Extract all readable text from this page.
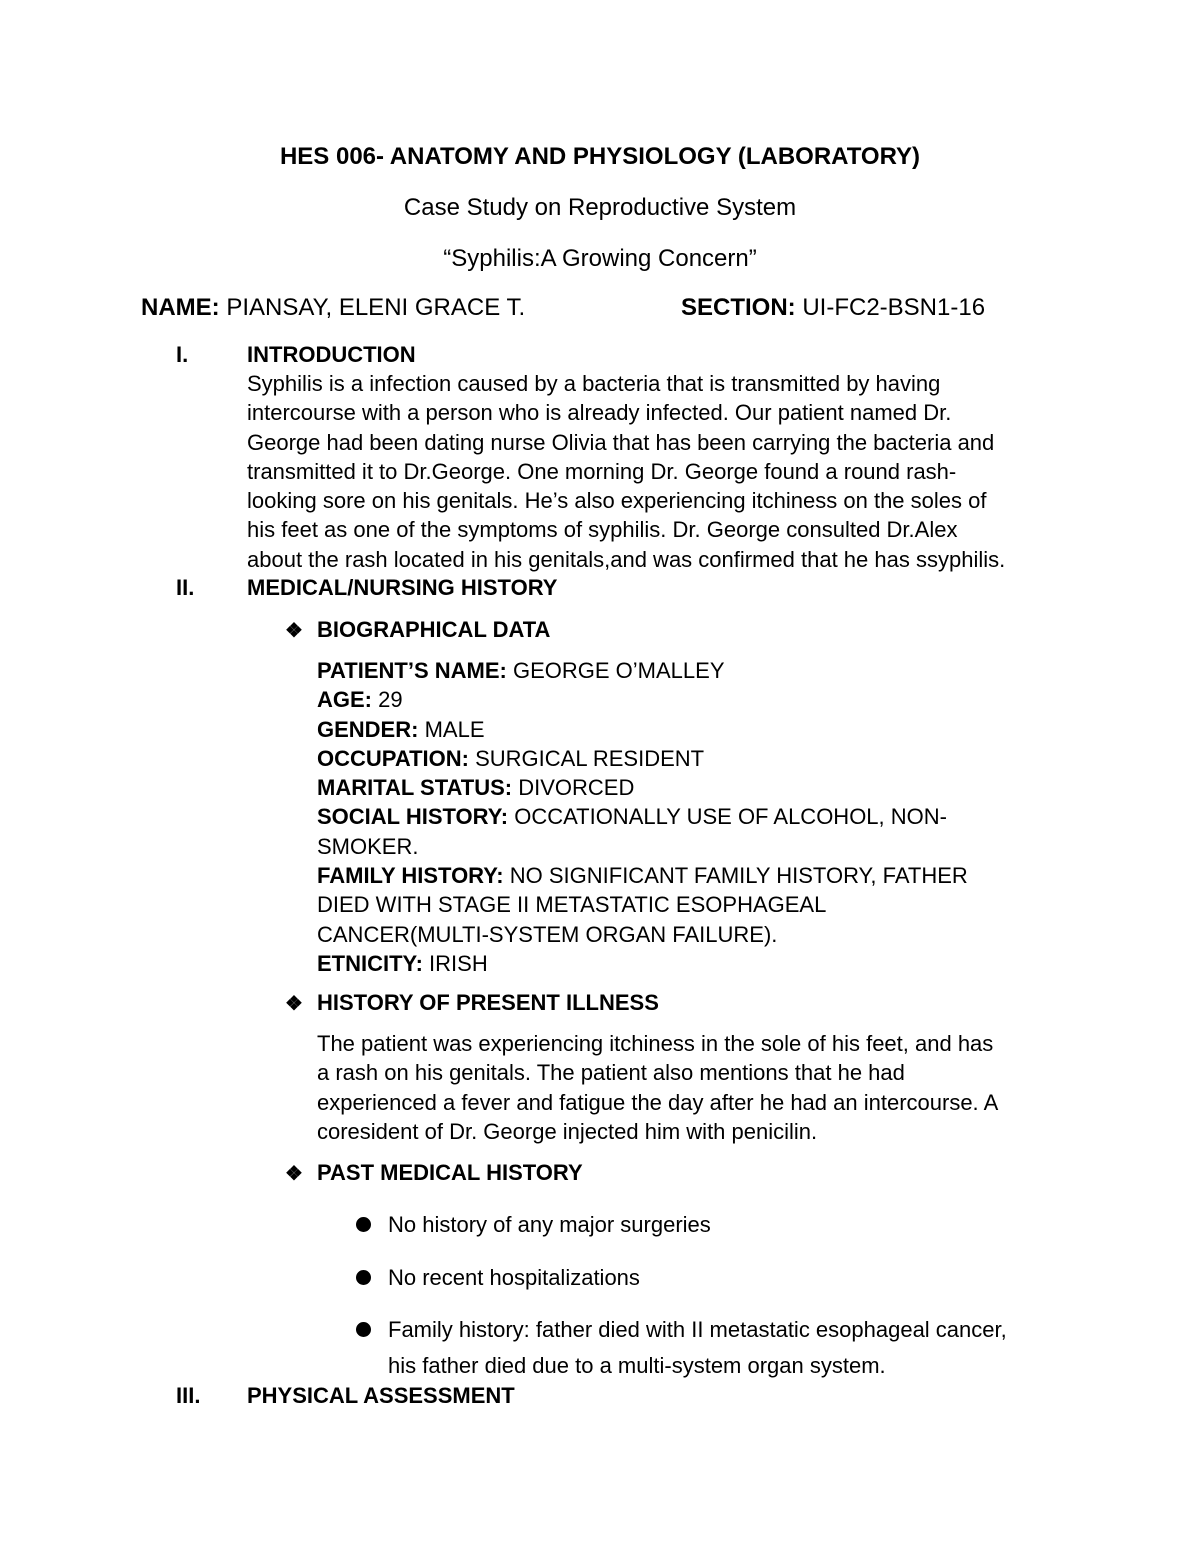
HES 006- ANATOMY AND PHYSIOLOGY (LABORATORY)
Case Study on Reproductive System
“Syphilis:A Growing Concern”
NAME: PIANSAY, ELENI GRACE T.	SECTION: UI-FC2-BSN1-16
I.	INTRODUCTION
Syphilis is a infection caused by a bacteria that is transmitted by having
intercourse with a person who is already infected. Our patient named Dr.
George had been dating nurse Olivia that has been carrying the bacteria and
transmitted it to Dr.George. One morning Dr. George found a round rash-
looking sore on his genitals. He’s also experiencing itchiness on the soles of
his feet as one of the symptoms of syphilis. Dr. George consulted Dr.Alex
about the rash located in his genitals,and was confirmed that he has ssyphilis.
II. MEDICAL/NURSING HISTORY
❖ BIOGRAPHICAL DATA
PATIENT’S NAME: GEORGE O’MALLEY
AGE: 29
GENDER: MALE
OCCUPATION: SURGICAL RESIDENT
MARITAL STATUS: DIVORCED
SOCIAL HISTORY: OCCATIONALLY USE OF ALCOHOL, NON-
SMOKER.
FAMILY HISTORY: NO SIGNIFICANT FAMILY HISTORY, FATHER
DIED WITH STAGE II METASTATIC ESOPHAGEAL
CANCER(MULTI-SYSTEM ORGAN FAILURE).
ETNICITY: IRISH
❖ HISTORY OF PRESENT ILLNESS
The patient was experiencing itchiness in the sole of his feet, and has
a rash on his genitals. The patient also mentions that he had
experienced a fever and fatigue the day after he had an intercourse. A
coresident of Dr. George injected him with penicilin.
❖ PAST MEDICAL HISTORY
No history of any major surgeries
No recent hospitalizations
Family history: father died with II metastatic esophageal cancer,
his father died due to a multi-system organ system.
III. PHYSICAL ASSESSMENT
